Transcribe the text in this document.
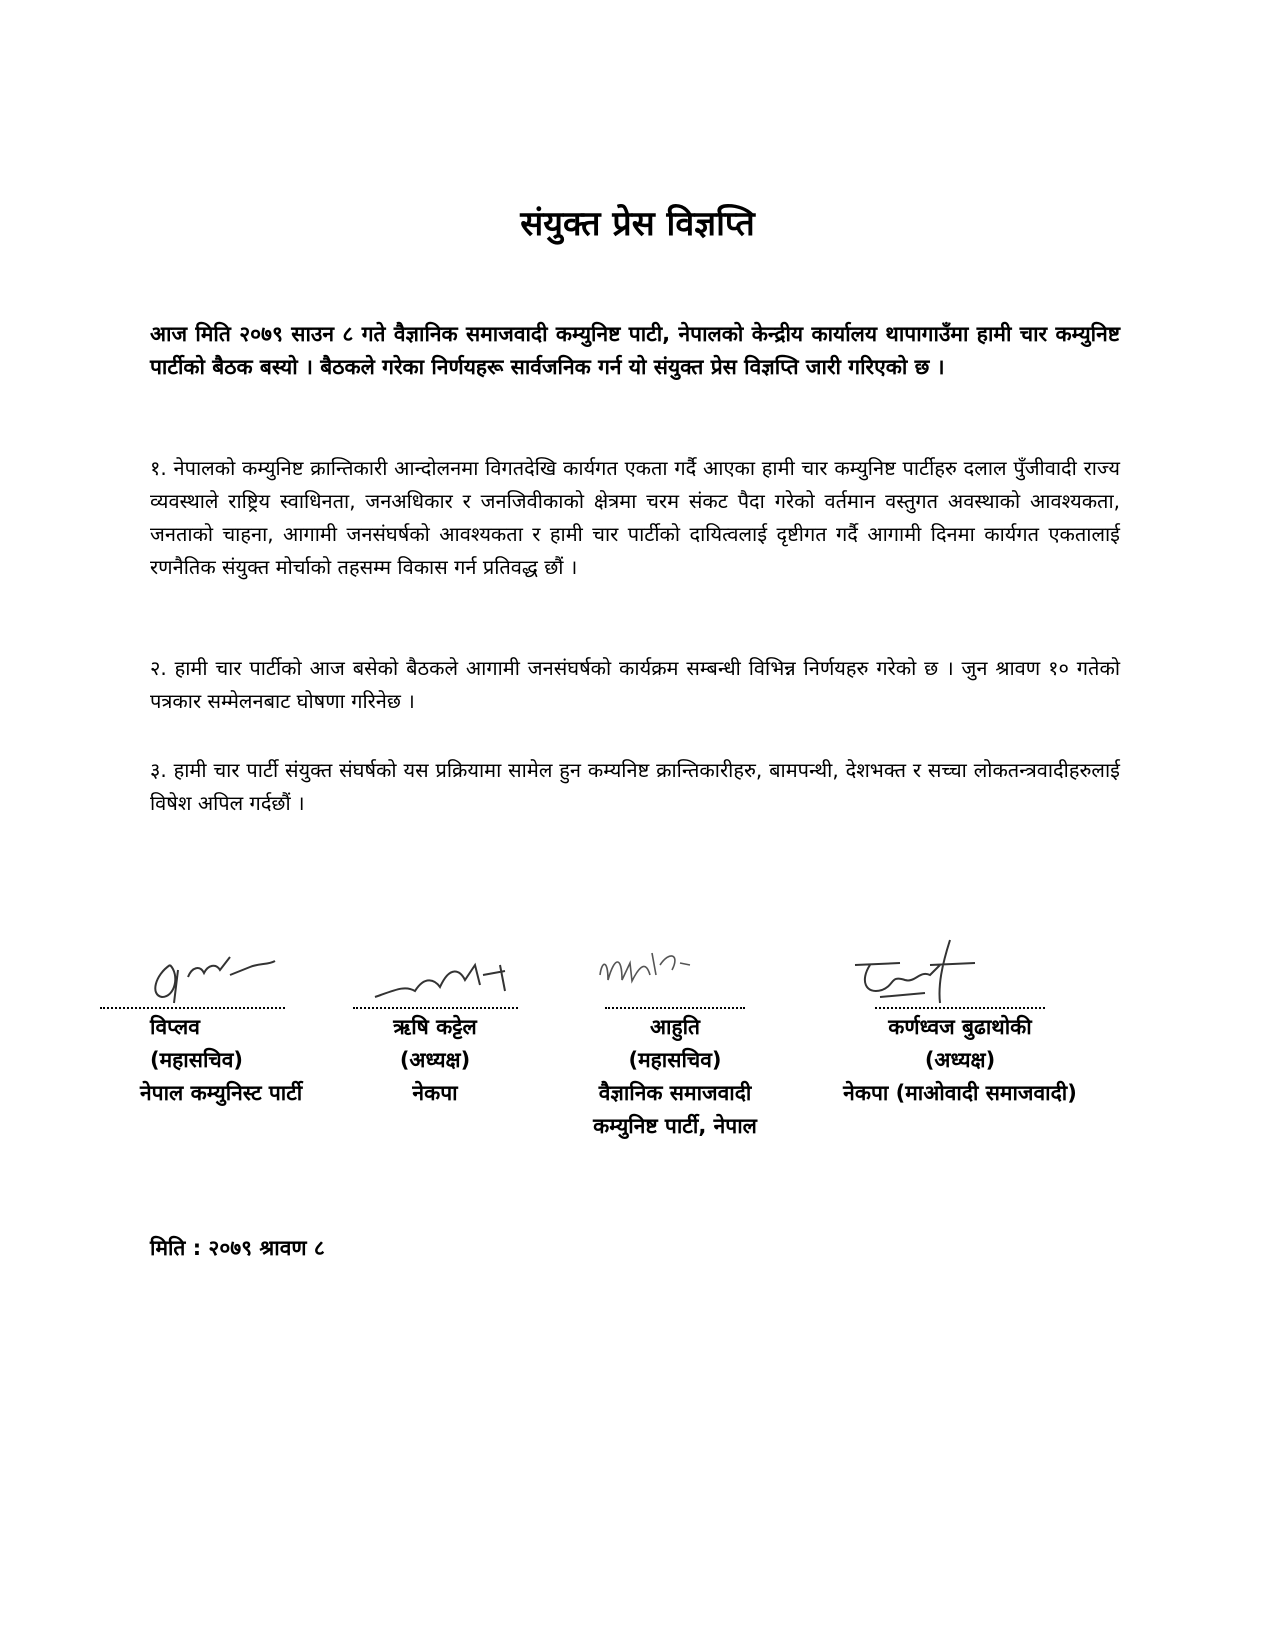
संयुक्त प्रेस विज्ञप्ति
आज मिति २०७९ साउन ८ गते वैज्ञानिक समाजवादी कम्युनिष्ट पाटी, नेपालको केन्द्रीय कार्यालय थापागाउँमा हामी चार कम्युनिष्ट पार्टीको बैठक बस्यो । बैठकले गरेका निर्णयहरू सार्वजनिक गर्न यो संयुक्त प्रेस विज्ञप्ति जारी गरिएको छ ।
१. नेपालको कम्युनिष्ट क्रान्तिकारी आन्दोलनमा विगतदेखि कार्यगत एकता गर्दै आएका हामी चार कम्युनिष्ट पार्टीहरु दलाल पुँजीवादी राज्य व्यवस्थाले राष्ट्रिय स्वाधिनता, जनअधिकार र जनजिवीकाको क्षेत्रमा चरम संकट पैदा गरेको वर्तमान वस्तुगत अवस्थाको आवश्यकता, जनताको चाहना, आगामी जनसंघर्षको आवश्यकता र हामी चार पार्टीको दायित्वलाई दृष्टीगत गर्दै आगामी दिनमा कार्यगत एकतालाई रणनैतिक संयुक्त मोर्चाको तहसम्म विकास गर्न प्रतिवद्ध छौं ।
२. हामी चार पार्टीको आज बसेको बैठकले आगामी जनसंघर्षको कार्यक्रम सम्बन्धी विभिन्न निर्णयहरु गरेको छ । जुन श्रावण १० गतेको पत्रकार सम्मेलनबाट घोषणा गरिनेछ ।
३. हामी चार पार्टी संयुक्त संघर्षको यस प्रक्रियामा सामेल हुन कम्यनिष्ट क्रान्तिकारीहरु, बामपन्थी, देशभक्त र सच्चा लोकतन्त्रवादीहरुलाई विषेश अपिल गर्दछौं ।
विप्लव
(महासचिव)
नेपाल कम्युनिस्ट पार्टी
ऋषि कट्टेल
(अध्यक्ष)
नेकपा
आहुति
(महासचिव)
वैज्ञानिक समाजवादी
कम्युनिष्ट पार्टी, नेपाल
कर्णध्वज बुढाथोकी
(अध्यक्ष)
नेकपा (माओवादी समाजवादी)
मिति : २०७९ श्रावण ८
